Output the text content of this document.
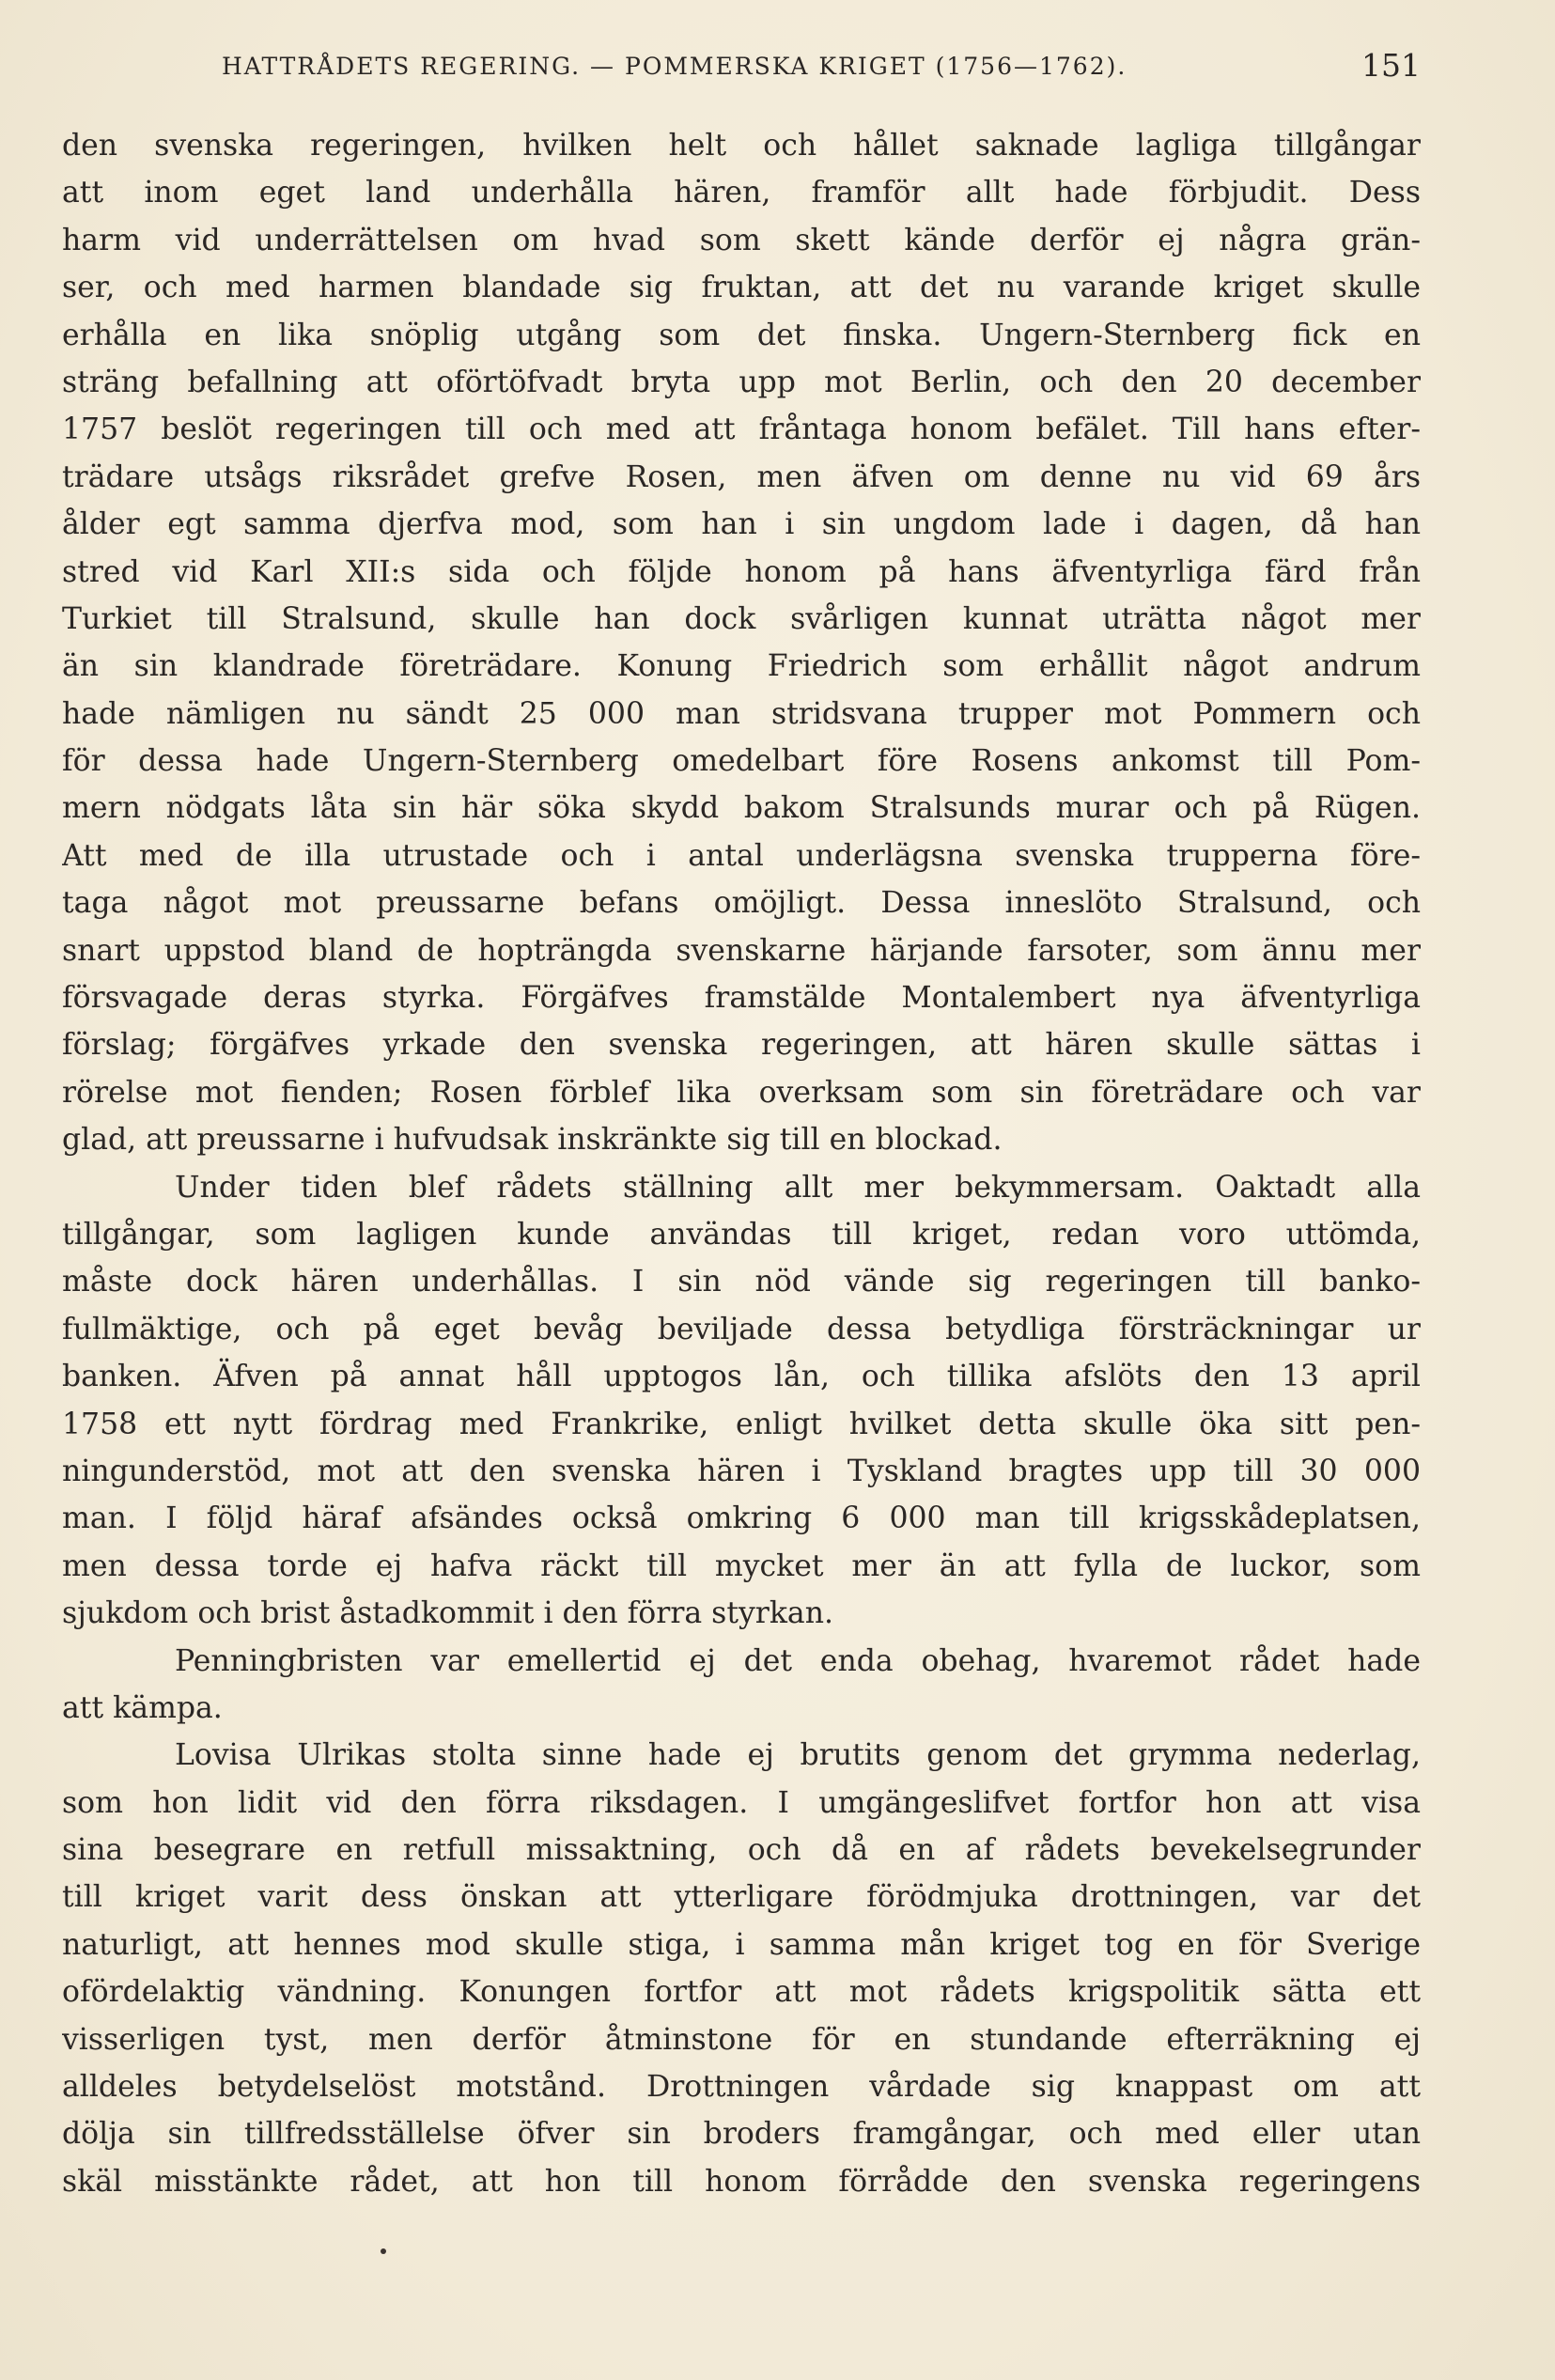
HATTRÅDETS REGERING. — POMMERSKA KRIGET (1756—1762).	151
den svenska regeringen, hvilken helt och hållet saknade lagliga tillgångar
att inom eget land underhålla hären, framför allt hade förbjudit. Dess
harm vid underrättelsen om hvad som skett kände derför ej några grän-
ser, och med harmen blandade sig fruktan, att det nu varande kriget skulle
erhålla en lika snöplig utgång som det finska. Ungern-Sternberg fick en
sträng befallning att oförtöfvadt bryta upp mot Berlin, och den 20 december
1757 beslöt regeringen till och med att fråntaga honom befälet. Till hans efter-
trädare utsågs riksrådet grefve Rosen, men äfven om denne nu vid 69 års
ålder egt samma djerfva mod, som han i sin ungdom lade i dagen, då han
stred vid Karl XII:s sida och följde honom på hans äfventyrliga färd från
Turkiet till Stralsund, skulle han dock svårligen kunnat uträtta något mer
än sin klandrade företrädare. Konung Friedrich som erhållit något andrum
hade nämligen nu sändt 25 000 man stridsvana trupper mot Pommern och
för dessa hade Ungern-Sternberg omedelbart före Rosens ankomst till Pom-
mern nödgats låta sin här söka skydd bakom Stralsunds murar och på Rügen.
Att med de illa utrustade och i antal underlägsna svenska trupperna före-
taga något mot preussarne befans omöjligt. Dessa inneslöto Stralsund, och
snart uppstod bland de hopträngda svenskarne härjande farsoter, som ännu mer
försvagade deras styrka. Förgäfves framstälde Montalembert nya äfventyrliga
förslag; förgäfves yrkade den svenska regeringen, att hären skulle sättas i
rörelse mot fienden; Rosen förblef lika overksam som sin företrädare och var
glad, att preussarne i hufvudsak inskränkte sig till en blockad.
Under tiden blef rådets ställning allt mer bekymmersam. Oaktadt alla
tillgångar, som lagligen kunde användas till kriget, redan voro uttömda,
måste dock hären underhållas. I sin nöd vände sig regeringen till banko-
fullmäktige, och på eget bevåg beviljade dessa betydliga försträckningar ur
banken. Äfven på annat håll upptogos lån, och tillika afslöts den 13 april
1758 ett nytt fördrag med Frankrike, enligt hvilket detta skulle öka sitt pen-
ningunderstöd, mot att den svenska hären i Tyskland bragtes upp till 30 000
man. I följd häraf afsändes också omkring 6 000 man till krigsskådeplatsen,
men dessa torde ej hafva räckt till mycket mer än att fylla de luckor, som
sjukdom och brist åstadkommit i den förra styrkan.
Penningbristen var emellertid ej det enda obehag, hvaremot rådet hade
att kämpa.
Lovisa Ulrikas stolta sinne hade ej brutits genom det grymma nederlag,
som hon lidit vid den förra riksdagen. I umgängeslifvet fortfor hon att visa
sina besegrare en retfull missaktning, och då en af rådets bevekelsegrunder
till kriget varit dess önskan att ytterligare förödmjuka drottningen, var det
naturligt, att hennes mod skulle stiga, i samma mån kriget tog en för Sverige
ofördelaktig vändning. Konungen fortfor att mot rådets krigspolitik sätta ett
visserligen tyst, men derför åtminstone för en stundande efterräkning ej
alldeles betydelselöst motstånd. Drottningen vårdade sig knappast om att
dölja sin tillfredsställelse öfver sin broders framgångar, och med eller utan
skäl misstänkte rådet, att hon till honom förrådde den svenska regeringens
